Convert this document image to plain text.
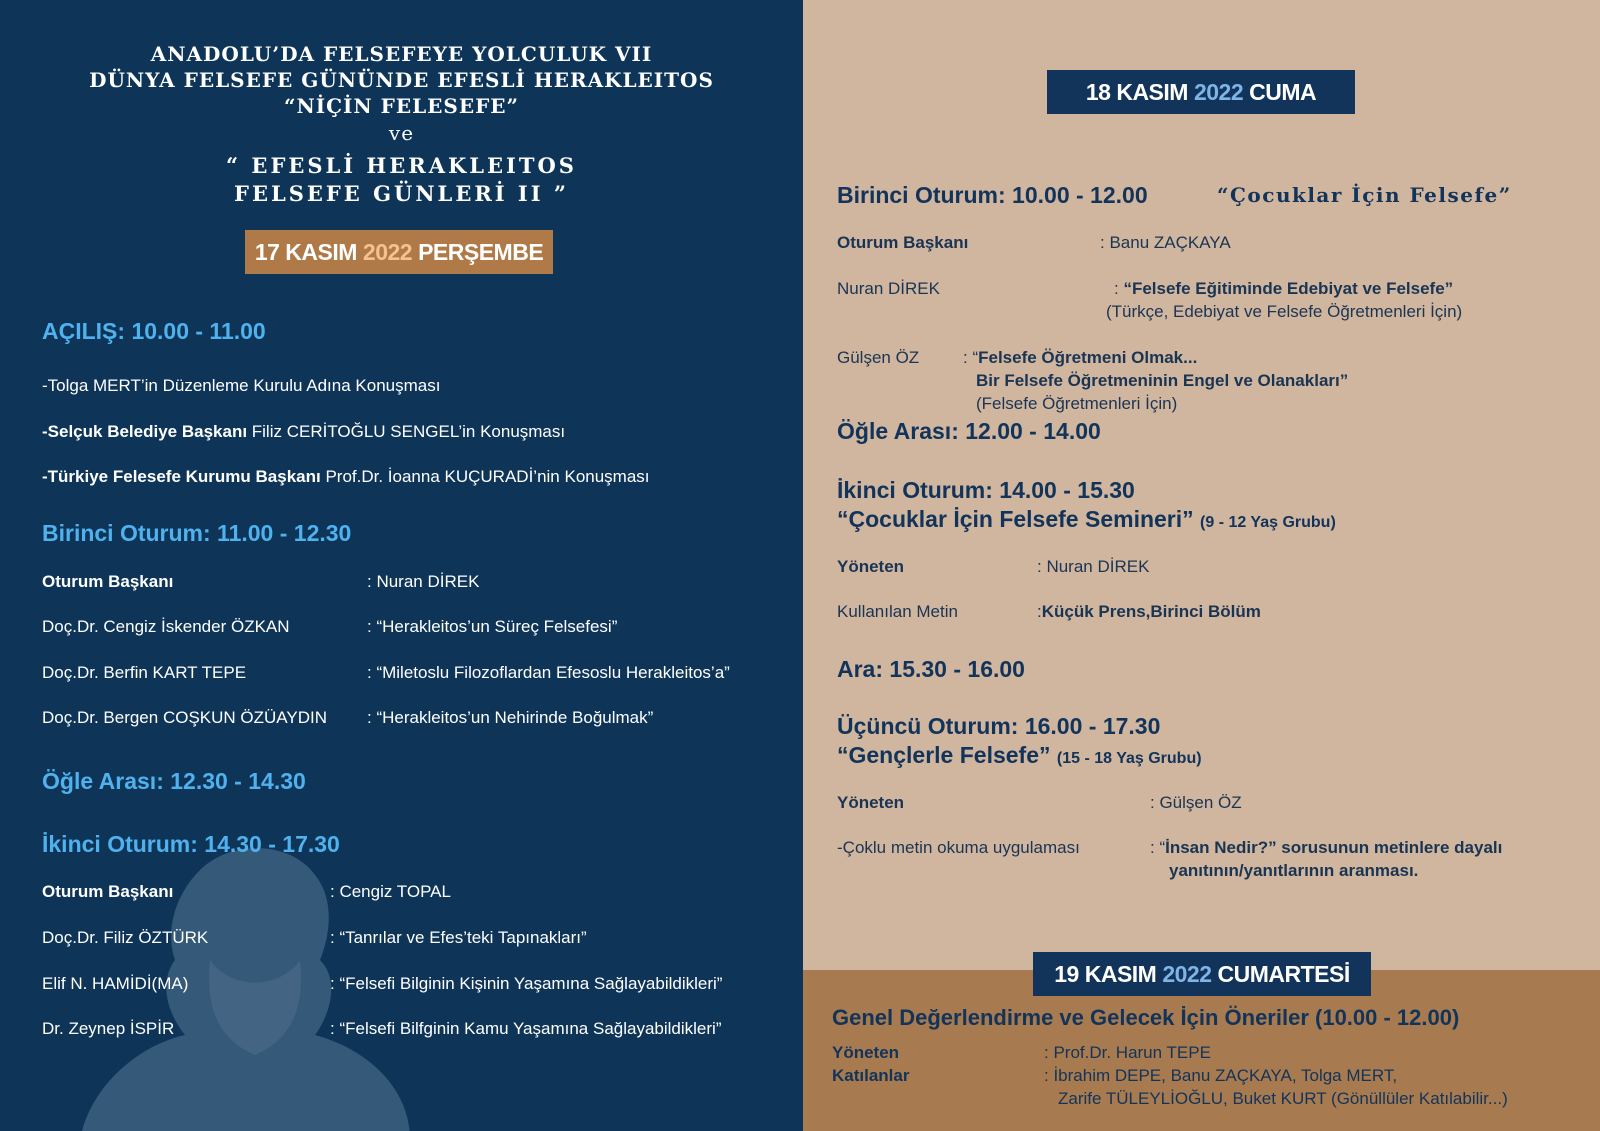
ANADOLU’DA FELSEFEYE YOLCULUK VII
DÜNYA FELSEFE GÜNÜNDE EFESLİ HERAKLEITOS
“NİÇİN FELESEFE”
ve
“ EFESLİ HERAKLEITOS
FELSEFE GÜNLERİ II ”
17 KASIM 2022 PERŞEMBE
AÇILIŞ: 10.00 - 11.00
-Tolga MERT’in Düzenleme Kurulu Adına Konuşması
-Selçuk Belediye Başkanı Filiz CERİTOĞLU SENGEL’in Konuşması
-Türkiye Felesefe Kurumu Başkanı Prof.Dr. İoanna KUÇURADİ’nin Konuşması
Birinci Oturum: 11.00 - 12.30
Oturum Başkanı	: Nuran DİREK
Doç.Dr. Cengiz İskender ÖZKAN	: “Herakleitos’un Süreç Felsefesi”
Doç.Dr. Berfin KART TEPE	: “Miletoslu Filozoflardan Efesoslu Herakleitos’a”
Doç.Dr. Bergen COŞKUN ÖZÜAYDIN : “Herakleitos’un Nehirinde Boğulmak”
Öğle Arası: 12.30 - 14.30
İkinci Oturum: 14.30 - 17.30
Oturum Başkanı	: Cengiz TOPAL
Doç.Dr. Filiz ÖZTÜRK	: “Tanrılar ve Efes’teki Tapınakları”
Elif N. HAMİDİ(MA)	: “Felsefi Bilginin Kişinin Yaşamına Sağlayabildikleri”
Dr. Zeynep İSPİR	: “Felsefi Bilfginin Kamu Yaşamına Sağlayabildikleri”
18 KASIM 2022 CUMA
Birinci Oturum: 10.00 - 12.00	“Çocuklar İçin Felsefe”
Oturum Başkanı	: Banu ZAÇKAYA
Nuran DİREK	: “Felsefe Eğitiminde Edebiyat ve Felsefe”
(Türkçe, Edebiyat ve Felsefe Öğretmenleri İçin)
Gülşen ÖZ	: “Felsefe Öğretmeni Olmak...
Bir Felsefe Öğretmeninin Engel ve Olanakları”
(Felsefe Öğretmenleri İçin)
Öğle Arası: 12.00 - 14.00
İkinci Oturum: 14.00 - 15.30
“Çocuklar İçin Felsefe Semineri” (9 - 12 Yaş Grubu)
Yöneten	: Nuran DİREK
Kullanılan Metin	:Küçük Prens,Birinci Bölüm
Ara: 15.30 - 16.00
Üçüncü Oturum: 16.00 - 17.30
“Gençlerle Felsefe” (15 - 18 Yaş Grubu)
Yöneten	: Gülşen ÖZ
-Çoklu metin okuma uygulaması	: “İnsan Nedir?” sorusunun metinlere dayalı
yanıtının/yanıtlarının aranması.
19 KASIM 2022 CUMARTESİ
Genel Değerlendirme ve Gelecek İçin Öneriler (10.00 - 12.00)
Yöneten	: Prof.Dr. Harun TEPE
Katılanlar	: İbrahim DEPE, Banu ZAÇKAYA, Tolga MERT,
Zarife TÜLEYLİOĞLU, Buket KURT (Gönüllüler Katılabilir...)
